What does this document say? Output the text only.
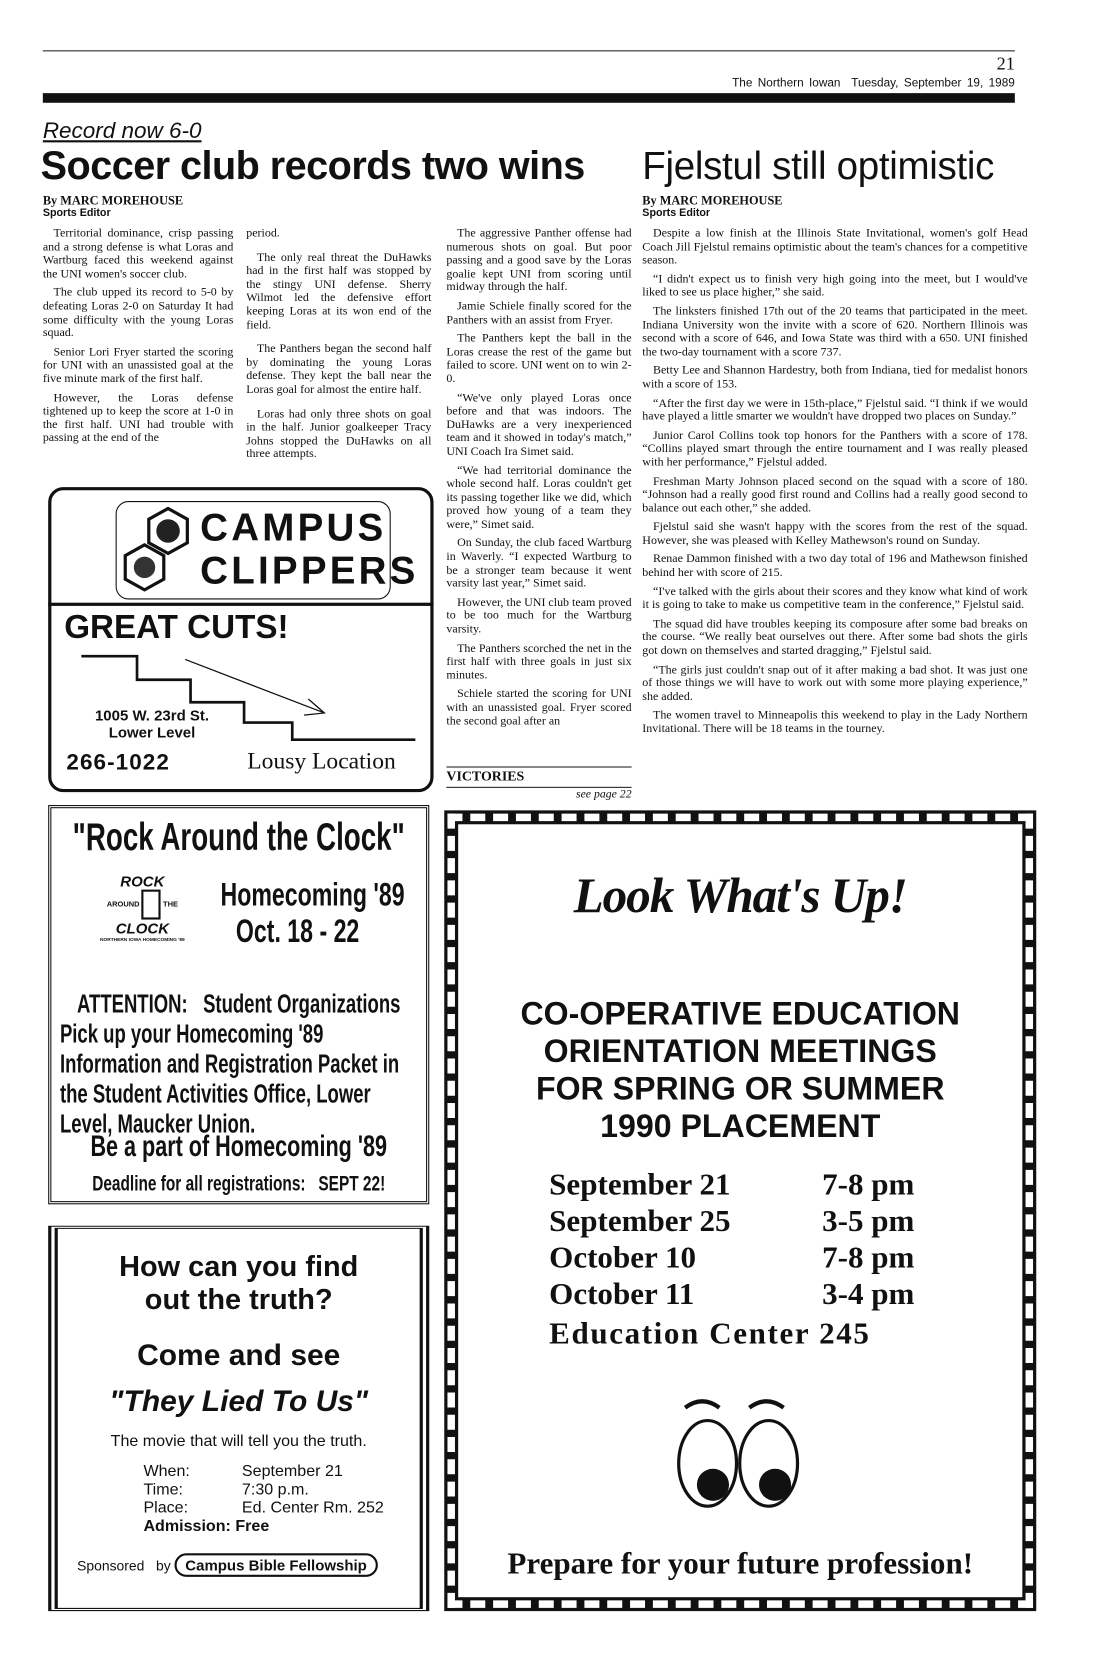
21
The Northern Iowan Tuesday, September 19, 1989
Record now 6-0
Soccer club records two wins
By MARC MOREHOUSE
Sports Editor

Territorial dominance, crisp passing and a strong defense is what Loras and Wartburg faced this weekend against the UNI women's soccer club.

The club upped its record to 5-0 by defeating Loras 2-0 on Saturday It had some difficulty with the young Loras squad.

Senior Lori Fryer started the scoring for UNI with an unassisted goal at the five minute mark of the first half.

However, the Loras defense tightened up to keep the score at 1-0 in the first half. UNI had trouble with passing at the end of the

period.

The only real threat the DuHawks had in the first half was stopped by the stingy UNI defense. Sherry Wilmot led the defensive effort keeping Loras at its won end of the field.

The Panthers began the second half by dominating the young Loras defense. They kept the ball near the Loras goal for almost the entire half.

Loras had only three shots on goal in the half. Junior goalkeeper Tracy Johns stopped the DuHawks on all three attempts.

The aggressive Panther offense had numerous shots on goal. But poor passing and a good save by the Loras goalie kept UNI from scoring until midway through the half.

Jamie Schiele finally scored for the Panthers with an assist from Fryer.

The Panthers kept the ball in the Loras crease the rest of the game but failed to score. UNI went on to win 2-0.

“We've only played Loras once before and that was indoors. The DuHawks are a very inexperienced team and it showed in today's match,” UNI Coach Ira Simet said.

“We had territorial dominance the whole second half. Loras couldn't get its passing together like we did, which proved how young of a team they were,” Simet said.

On Sunday, the club faced Wartburg in Waverly. “I expected Wartburg to be a stronger team because it went varsity last year,” Simet said.

However, the UNI club team proved to be too much for the Wartburg varsity.

The Panthers scorched the net in the first half with three goals in just six minutes.

Schiele started the scoring for UNI with an unassisted goal. Fryer scored the second goal after an

VICTORIES
see page 22
Fjelstul still optimistic
By MARC MOREHOUSE
Sports Editor

Despite a low finish at the Illinois State Invitational, women's golf Head Coach Jill Fjelstul remains optimistic about the team's chances for a competitive season.

“I didn't expect us to finish very high going into the meet, but I would've liked to see us place higher,” she said.

The linksters finished 17th out of the 20 teams that participated in the meet. Indiana University won the invite with a score of 620. Northern Illinois was second with a score of 646, and Iowa State was third with a 650. UNI finished the two-day tournament with a score 737.

Betty Lee and Shannon Hardestry, both from Indiana, tied for medalist honors with a score of 153.

“After the first day we were in 15th-place,” Fjelstul said. “I think if we would have played a little smarter we wouldn't have dropped two places on Sunday.”

Junior Carol Collins took top honors for the Panthers with a score of 178. “Collins played smart through the entire tournament and I was really pleased with her performance,” Fjelstul added.

Freshman Marty Johnson placed second on the squad with a score of 180. “Johnson had a really good first round and Collins had a really good second to balance out each other,” she added.

Fjelstul said she wasn't happy with the scores from the rest of the squad. However, she was pleased with Kelley Mathewson's round on Sunday.

Renae Dammon finished with a two day total of 196 and Mathewson finished behind her with score of 215.

“I've talked with the girls about their scores and they know what kind of work it is going to take to make us competitive team in the conference,” Fjelstul said.

The squad did have troubles keeping its composure after some bad breaks on the course. “We really beat ourselves out there. After some bad shots the girls got down on themselves and started dragging,” Fjelstul said.

“The girls just couldn't snap out of it after making a bad shot. It was just one of those things we will have to work out with some more playing experience,” she added.

The women travel to Minneapolis this weekend to play in the Lady Northern Invitational. There will be 18 teams in the tourney.

CAMPUS
CLIPPERS
GREAT CUTS!
1005 W. 23rd St.
Lower Level
266-1022	Lousy Location
"Rock Around the Clock"
ROCK
AROUND	THE
CLOCK
NORTHERN IOWA HOMECOMING '89
Homecoming '89
Oct. 18 - 22
ATTENTION: Student Organizations
Pick up your Homecoming '89 Information and Registration Packet in the Student Activities Office, Lower Level, Maucker Union.
Be a part of Homecoming '89
Deadline for all registrations: SEPT 22!
How can you find
out the truth?
Come and see
"They Lied To Us"
The movie that will tell you the truth.
When:	September 21
Time:	7:30 p.m.
Place:	Ed. Center Rm. 252
Admission: Free
Sponsored by Campus Bible Fellowship
Look What's Up!
CO-OPERATIVE EDUCATION
ORIENTATION MEETINGS
FOR SPRING OR SUMMER
1990 PLACEMENT
September 21	7-8 pm
September 25	3-5 pm
October 10	7-8 pm
October 11	3-4 pm
Education Center 245
Prepare for your future profession!
